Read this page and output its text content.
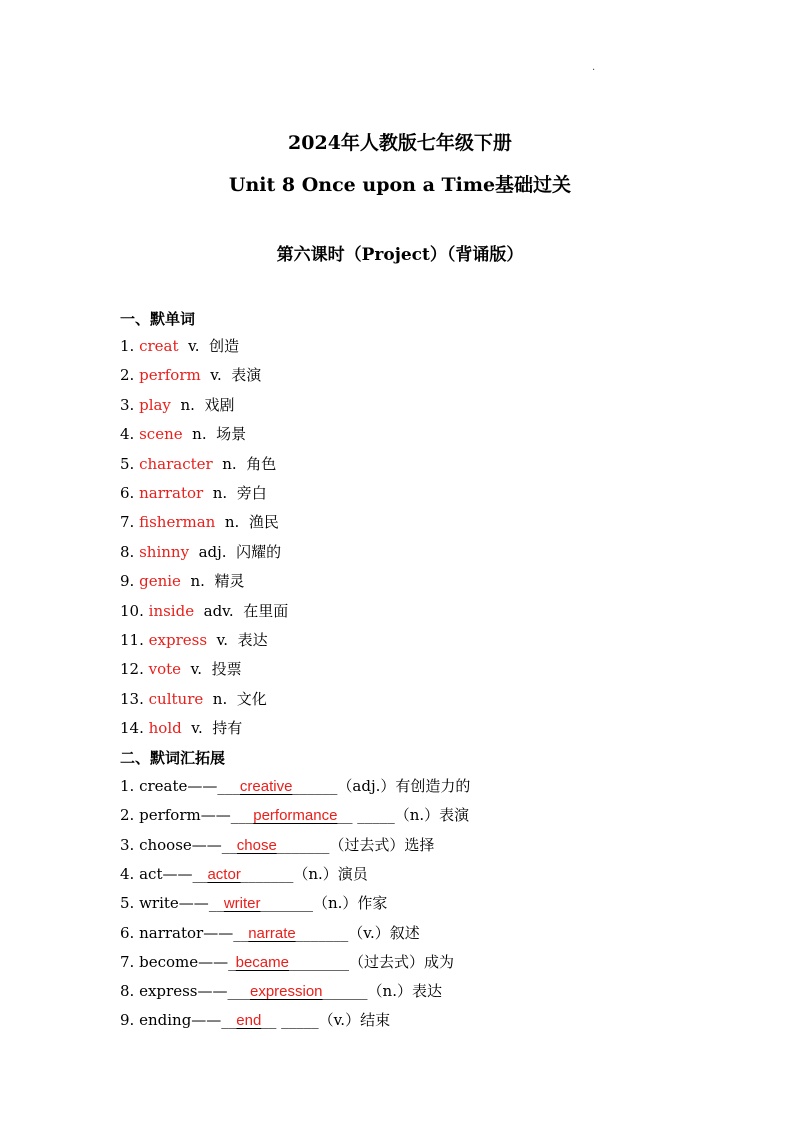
.
2024年人教版七年级下册
Unit 8 Once upon a Time基础过关
第六课时（Project）（背诵版）
一、默单词
1. creat v. 创造
2. perform v. 表演
3. play n. 戏剧
4. scene n. 场景
5. character n. 角色
6. narrator n. 旁白
7. fisherman n. 渔民
8. shinny adj. 闪耀的
9. genie n. 精灵
10. inside adv. 在里面
11. express v. 表达
12. vote v. 投票
13. culture n. 文化
14. hold v. 持有
二、默词汇拓展
1. create——___creative______（adj.）有创造力的
2. perform——___performance__ _____（n.）表演
3. choose——__chose_______（过去式）选择
4. act——__actor_______（n.）演员
5. write——__writer_______（n.）作家
6. narrator——__narrate_______（v.）叙述
7. become——_became________（过去式）成为
8. express——___expression______（n.）表达
9. ending——__end__ _____（v.）结束
